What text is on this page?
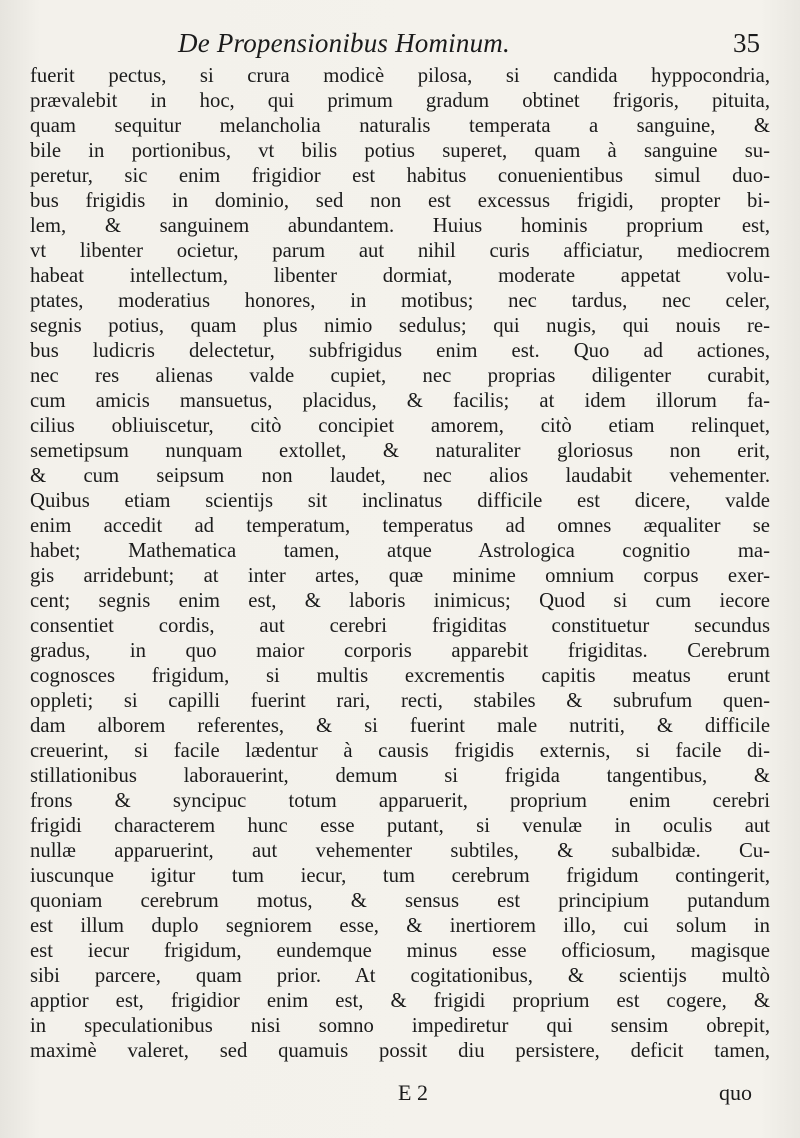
De Propensionibus Hominum.	35
fuerit pectus, si crura modicè pilosa, si candida hyppocondria,
prævalebit in hoc, qui primum gradum obtinet frigoris, pituita,
quam sequitur melancholia naturalis temperata a sanguine, &
bile in portionibus, vt bilis potius superet, quam à sanguine su-
peretur, sic enim frigidior est habitus conuenientibus simul duo-
bus frigidis in dominio, sed non est excessus frigidi, propter bi-
lem, & sanguinem abundantem. Huius hominis proprium est,
vt libenter ocietur, parum aut nihil curis afficiatur, mediocrem
habeat intellectum, libenter dormiat, moderate appetat volu-
ptates, moderatius honores, in motibus; nec tardus, nec celer,
segnis potius, quam plus nimio sedulus; qui nugis, qui nouis re-
bus ludicris delectetur, subfrigidus enim est. Quo ad actiones,
nec res alienas valde cupiet, nec proprias diligenter curabit,
cum amicis mansuetus, placidus, & facilis; at idem illorum fa-
cilius obliuiscetur, citò concipiet amorem, citò etiam relinquet,
semetipsum nunquam extollet, & naturaliter gloriosus non erit,
& cum seipsum non laudet, nec alios laudabit vehementer.
Quibus etiam scientijs sit inclinatus difficile est dicere, valde
enim accedit ad temperatum, temperatus ad omnes æqualiter se
habet; Mathematica tamen, atque Astrologica cognitio ma-
gis arridebunt; at inter artes, quæ minime omnium corpus exer-
cent; segnis enim est, & laboris inimicus; Quod si cum iecore
consentiet cordis, aut cerebri frigiditas constituetur secundus
gradus, in quo maior corporis apparebit frigiditas. Cerebrum
cognosces frigidum, si multis excrementis capitis meatus erunt
oppleti; si capilli fuerint rari, recti, stabiles & subrufum quen-
dam alborem referentes, & si fuerint male nutriti, & difficile
creuerint, si facile lædentur à causis frigidis externis, si facile di-
stillationibus laborauerint, demum si frigida tangentibus, &
frons & syncipuc totum apparuerit, proprium enim cerebri
frigidi characterem hunc esse putant, si venulæ in oculis aut
nullæ apparuerint, aut vehementer subtiles, & subalbidæ. Cu-
iuscunque igitur tum iecur, tum cerebrum frigidum contingerit,
quoniam cerebrum motus, & sensus est principium putandum
est illum duplo segniorem esse, & inertiorem illo, cui solum in
est iecur frigidum, eundemque minus esse officiosum, magisque
sibi parcere, quam prior. At cogitationibus, & scientijs multò
apptior est, frigidior enim est, & frigidi proprium est cogere, &
in speculationibus nisi somno impediretur qui sensim obrepit,
maximè valeret, sed quamuis possit diu persistere, deficit tamen,
E 2	quo
